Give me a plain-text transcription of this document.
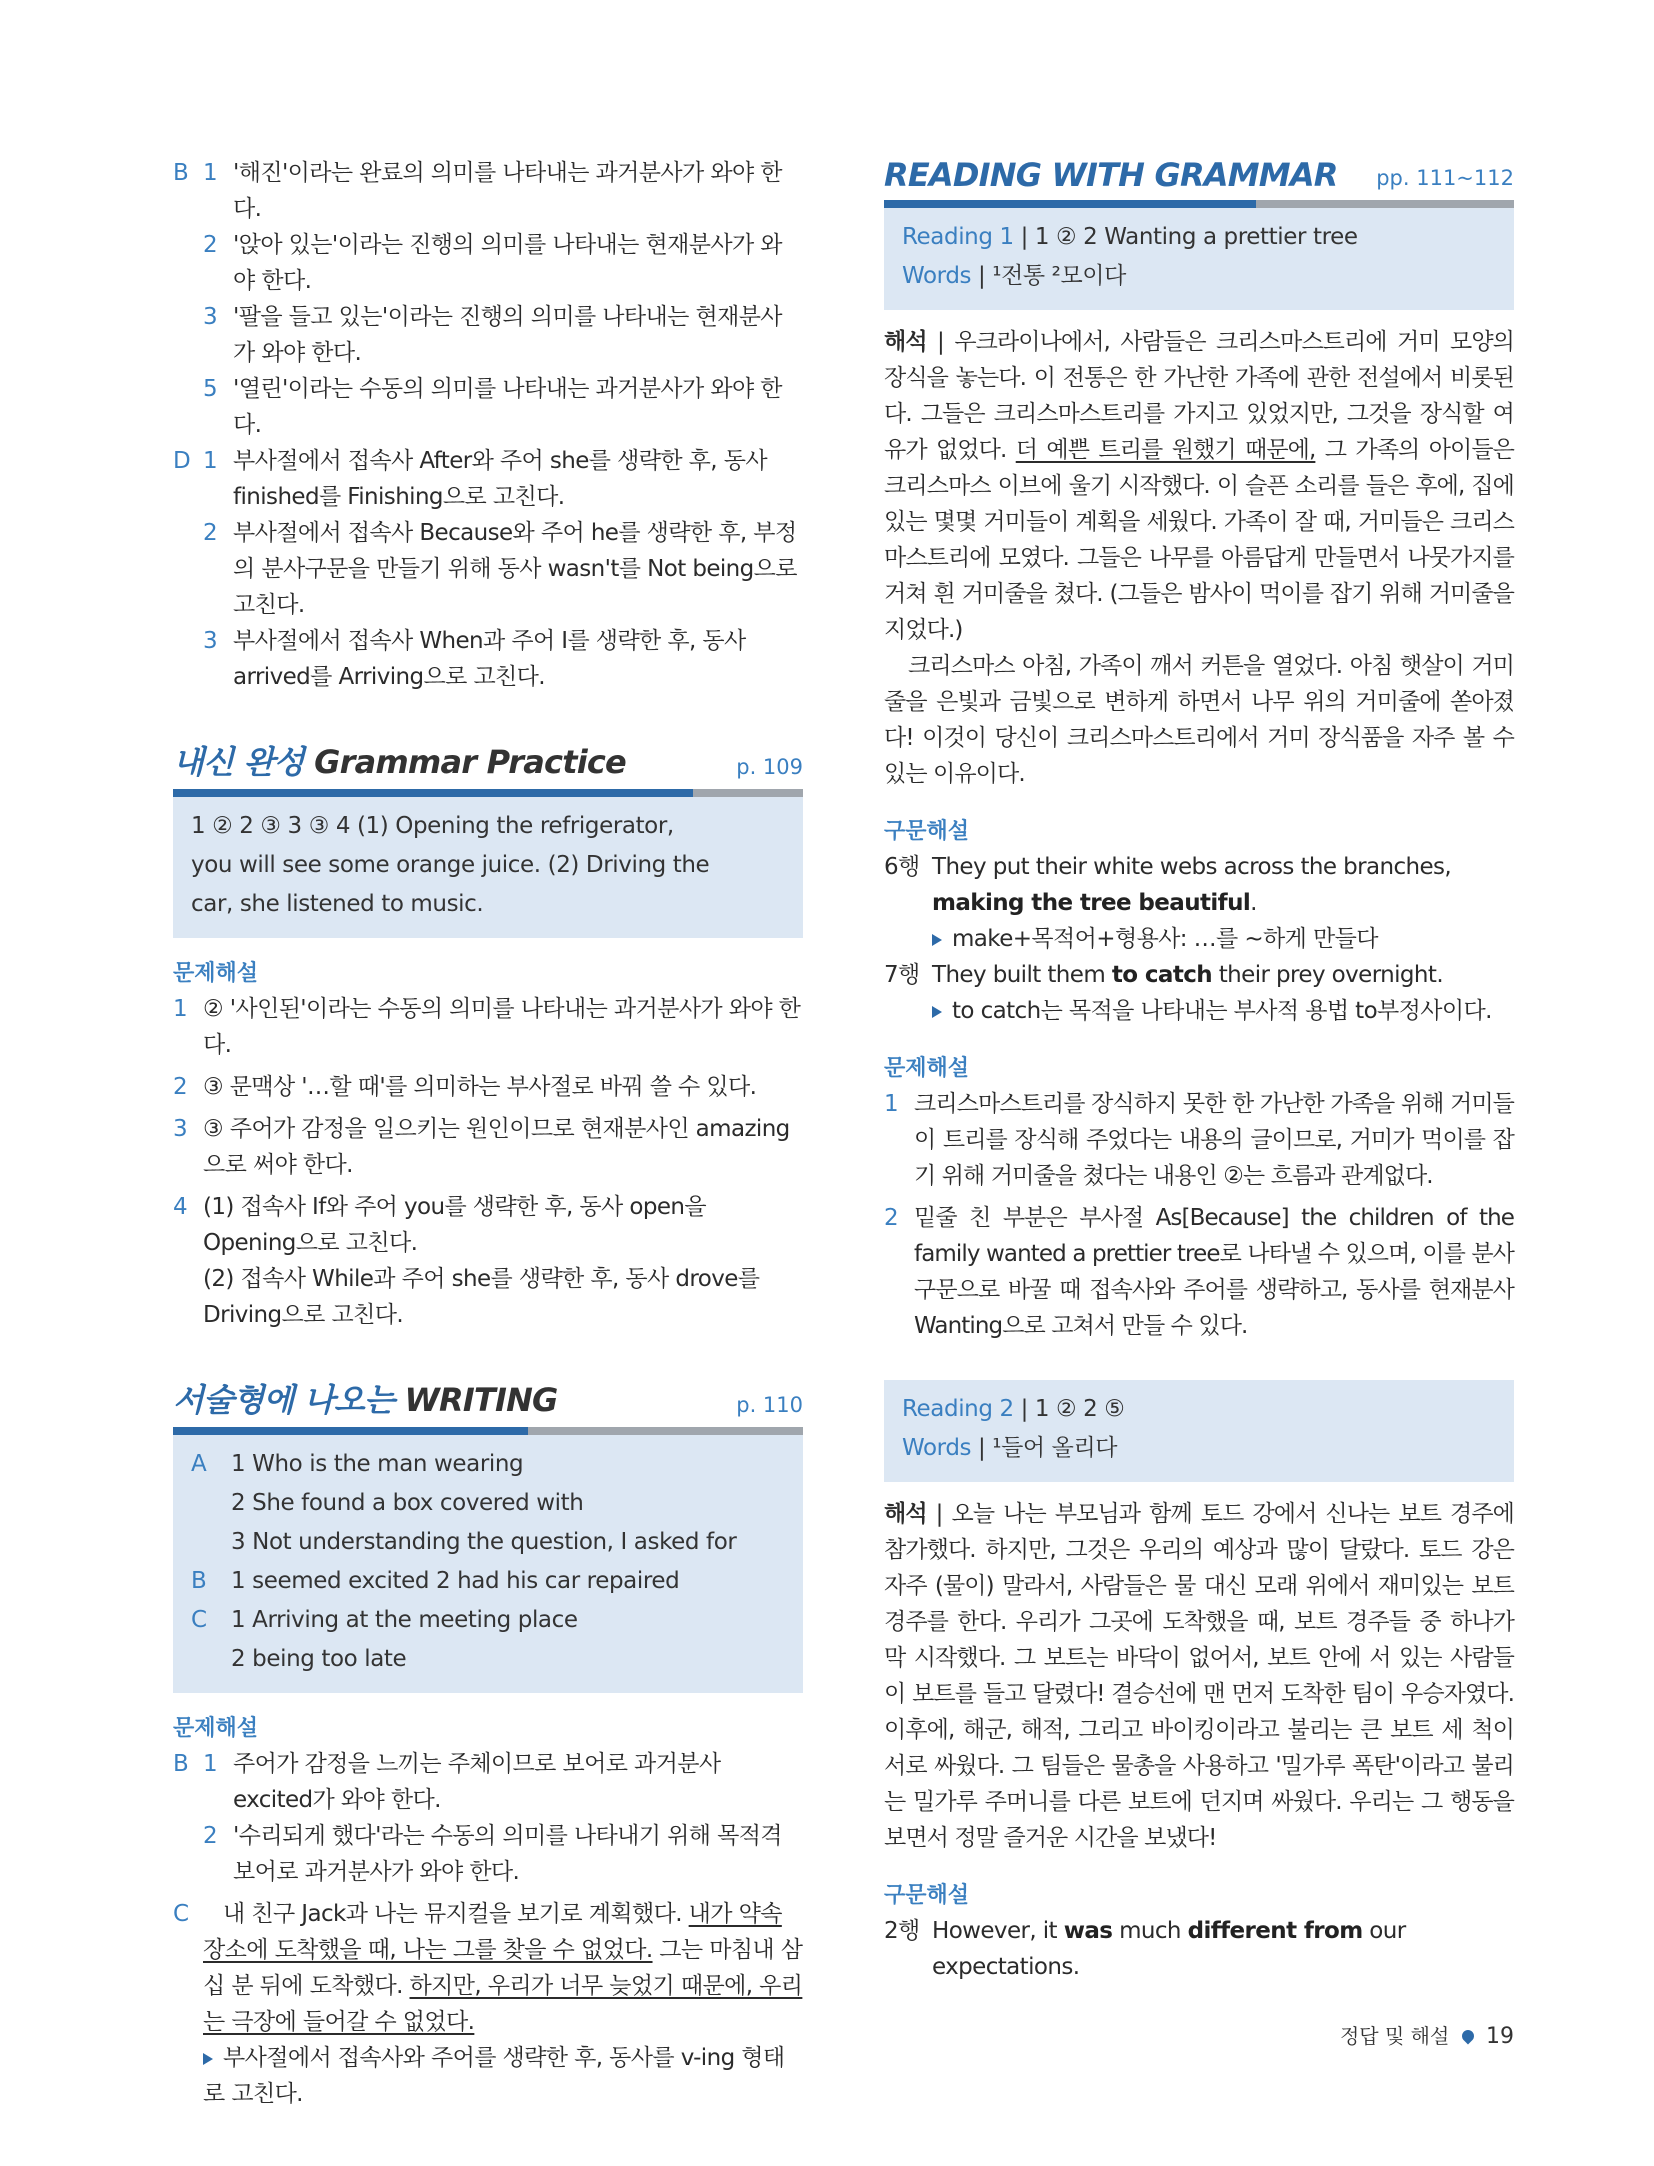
B 1 '해진'이라는 완료의 의미를 나타내는 과거분사가 와야 한다.
2 '앉아 있는'이라는 진행의 의미를 나타내는 현재분사가 와야 한다.
3 '팔을 들고 있는'이라는 진행의 의미를 나타내는 현재분사가 와야 한다.
5 '열린'이라는 수동의 의미를 나타내는 과거분사가 와야 한다.
D 1 부사절에서 접속사 After와 주어 she를 생략한 후, 동사 finished를 Finishing으로 고친다.
2 부사절에서 접속사 Because와 주어 he를 생략한 후, 부정의 분사구문을 만들기 위해 동사 wasn't를 Not being으로 고친다.
3 부사절에서 접속사 When과 주어 I를 생략한 후, 동사 arrived를 Arriving으로 고친다.
내신 완성 Grammar Practice	p. 109
1 ② 2 ③ 3 ③ 4 (1) Opening the refrigerator,
you will see some orange juice. (2) Driving the
car, she listened to music.
문제해설
1 ② '사인된'이라는 수동의 의미를 나타내는 과거분사가 와야 한다.
2 ③ 문맥상 '…할 때'를 의미하는 부사절로 바꿔 쓸 수 있다.
3 ③ 주어가 감정을 일으키는 원인이므로 현재분사인 amazing으로 써야 한다.
4 (1) 접속사 If와 주어 you를 생략한 후, 동사 open을 Opening으로 고친다.
(2) 접속사 While과 주어 she를 생략한 후, 동사 drove를 Driving으로 고친다.
서술형에 나오는 WRITING	p. 110
A 1 Who is the man wearing
2 She found a box covered with
3 Not understanding the question, I asked for
B 1 seemed excited 2 had his car repaired
C 1 Arriving at the meeting place
2 being too late
문제해설
B 1 주어가 감정을 느끼는 주체이므로 보어로 과거분사 excited가 와야 한다.
2 '수리되게 했다'라는 수동의 의미를 나타내기 위해 목적격 보어로 과거분사가 와야 한다.
C 내 친구 Jack과 나는 뮤지컬을 보기로 계획했다. 내가 약속 장소에 도착했을 때, 나는 그를 찾을 수 없었다. 그는 마침내 삼십 분 뒤에 도착했다. 하지만, 우리가 너무 늦었기 때문에, 우리는 극장에 들어갈 수 없었다.
부사절에서 접속사와 주어를 생략한 후, 동사를 v-ing 형태로 고친다.
READING WITH GRAMMAR pp. 111~112
Reading 1 | 1 ② 2 Wanting a prettier tree
Words | ¹전통 ²모이다
해석 | 우크라이나에서, 사람들은 크리스마스트리에 거미 모양의 장식을 놓는다. 이 전통은 한 가난한 가족에 관한 전설에서 비롯된다. 그들은 크리스마스트리를 가지고 있었지만, 그것을 장식할 여유가 없었다. 더 예쁜 트리를 원했기 때문에, 그 가족의 아이들은 크리스마스 이브에 울기 시작했다. 이 슬픈 소리를 들은 후에, 집에 있는 몇몇 거미들이 계획을 세웠다. 가족이 잘 때, 거미들은 크리스마스트리에 모였다. 그들은 나무를 아름답게 만들면서 나뭇가지를 거쳐 흰 거미줄을 쳤다. (그들은 밤사이 먹이를 잡기 위해 거미줄을 지었다.)
크리스마스 아침, 가족이 깨서 커튼을 열었다. 아침 햇살이 거미줄을 은빛과 금빛으로 변하게 하면서 나무 위의 거미줄에 쏟아졌다! 이것이 당신이 크리스마스트리에서 거미 장식품을 자주 볼 수 있는 이유이다.
구문해설
6행 They put their white webs across the branches, making the tree beautiful.
make+목적어+형용사: …를 ~하게 만들다
7행 They built them to catch their prey overnight.
to catch는 목적을 나타내는 부사적 용법 to부정사이다.
문제해설
1 크리스마스트리를 장식하지 못한 한 가난한 가족을 위해 거미들이 트리를 장식해 주었다는 내용의 글이므로, 거미가 먹이를 잡기 위해 거미줄을 쳤다는 내용인 ②는 흐름과 관계없다.
2 밑줄 친 부분은 부사절 As[Because] the children of the family wanted a prettier tree로 나타낼 수 있으며, 이를 분사구문으로 바꿀 때 접속사와 주어를 생략하고, 동사를 현재분사 Wanting으로 고쳐서 만들 수 있다.
Reading 2 | 1 ② 2 ⑤
Words | ¹들어 올리다
해석 | 오늘 나는 부모님과 함께 토드 강에서 신나는 보트 경주에 참가했다. 하지만, 그것은 우리의 예상과 많이 달랐다. 토드 강은 자주 (물이) 말라서, 사람들은 물 대신 모래 위에서 재미있는 보트 경주를 한다. 우리가 그곳에 도착했을 때, 보트 경주들 중 하나가 막 시작했다. 그 보트는 바닥이 없어서, 보트 안에 서 있는 사람들이 보트를 들고 달렸다! 결승선에 맨 먼저 도착한 팀이 우승자였다. 이후에, 해군, 해적, 그리고 바이킹이라고 불리는 큰 보트 세 척이 서로 싸웠다. 그 팀들은 물총을 사용하고 '밀가루 폭탄'이라고 불리는 밀가루 주머니를 다른 보트에 던지며 싸웠다. 우리는 그 행동을 보면서 정말 즐거운 시간을 보냈다!
구문해설
2행 However, it was much different from our expectations.
정답 및 해설 19
